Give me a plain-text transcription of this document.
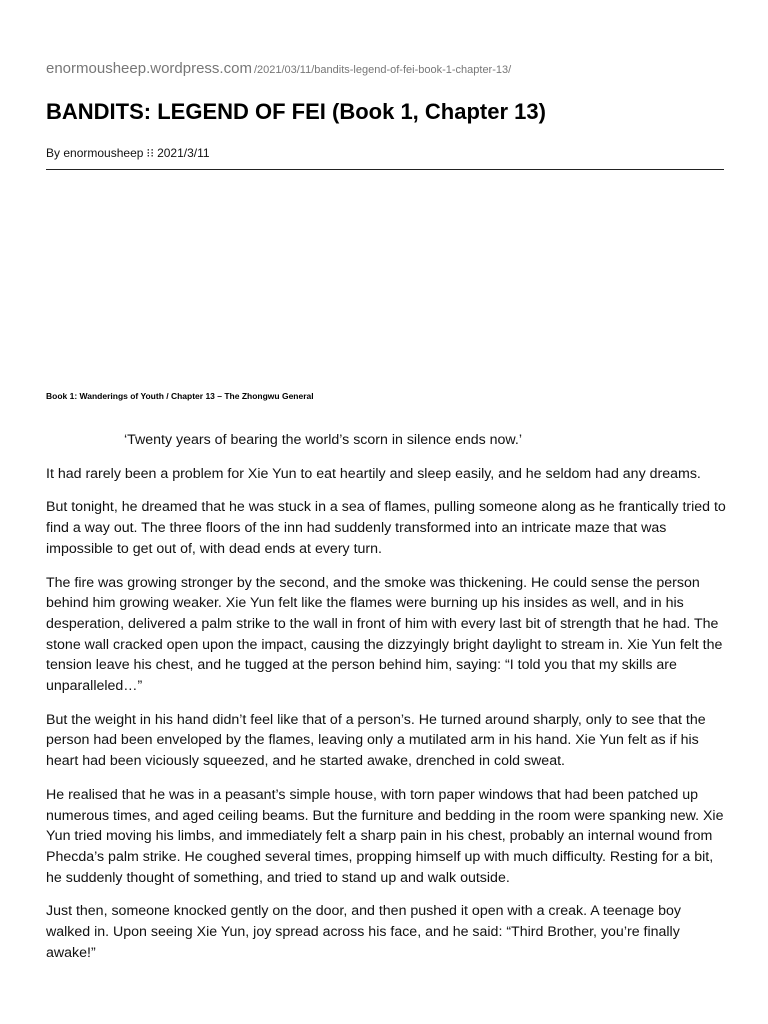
enormousheep.wordpress.com /2021/03/11/bandits-legend-of-fei-book-1-chapter-13/
BANDITS: LEGEND OF FEI (Book 1, Chapter 13)
By enormousheep ⁝⁝ 2021/3/11
Book 1: Wanderings of Youth / Chapter 13 – The Zhongwu General

‘Twenty years of bearing the world’s scorn in silence ends now.’

It had rarely been a problem for Xie Yun to eat heartily and sleep easily, and he seldom had any dreams.

But tonight, he dreamed that he was stuck in a sea of flames, pulling someone along as he frantically tried to find a way out. The three floors of the inn had suddenly transformed into an intricate maze that was impossible to get out of, with dead ends at every turn.

The fire was growing stronger by the second, and the smoke was thickening. He could sense the person behind him growing weaker. Xie Yun felt like the flames were burning up his insides as well, and in his desperation, delivered a palm strike to the wall in front of him with every last bit of strength that he had. The stone wall cracked open upon the impact, causing the dizzyingly bright daylight to stream in. Xie Yun felt the tension leave his chest, and he tugged at the person behind him, saying: “I told you that my skills are unparalleled…”

But the weight in his hand didn’t feel like that of a person’s. He turned around sharply, only to see that the person had been enveloped by the flames, leaving only a mutilated arm in his hand. Xie Yun felt as if his heart had been viciously squeezed, and he started awake, drenched in cold sweat.

He realised that he was in a peasant’s simple house, with torn paper windows that had been patched up numerous times, and aged ceiling beams. But the furniture and bedding in the room were spanking new. Xie Yun tried moving his limbs, and immediately felt a sharp pain in his chest, probably an internal wound from Phecda’s palm strike. He coughed several times, propping himself up with much difficulty. Resting for a bit, he suddenly thought of something, and tried to stand up and walk outside.

Just then, someone knocked gently on the door, and then pushed it open with a creak. A teenage boy walked in. Upon seeing Xie Yun, joy spread across his face, and he said: “Third Brother, you’re finally awake!”
